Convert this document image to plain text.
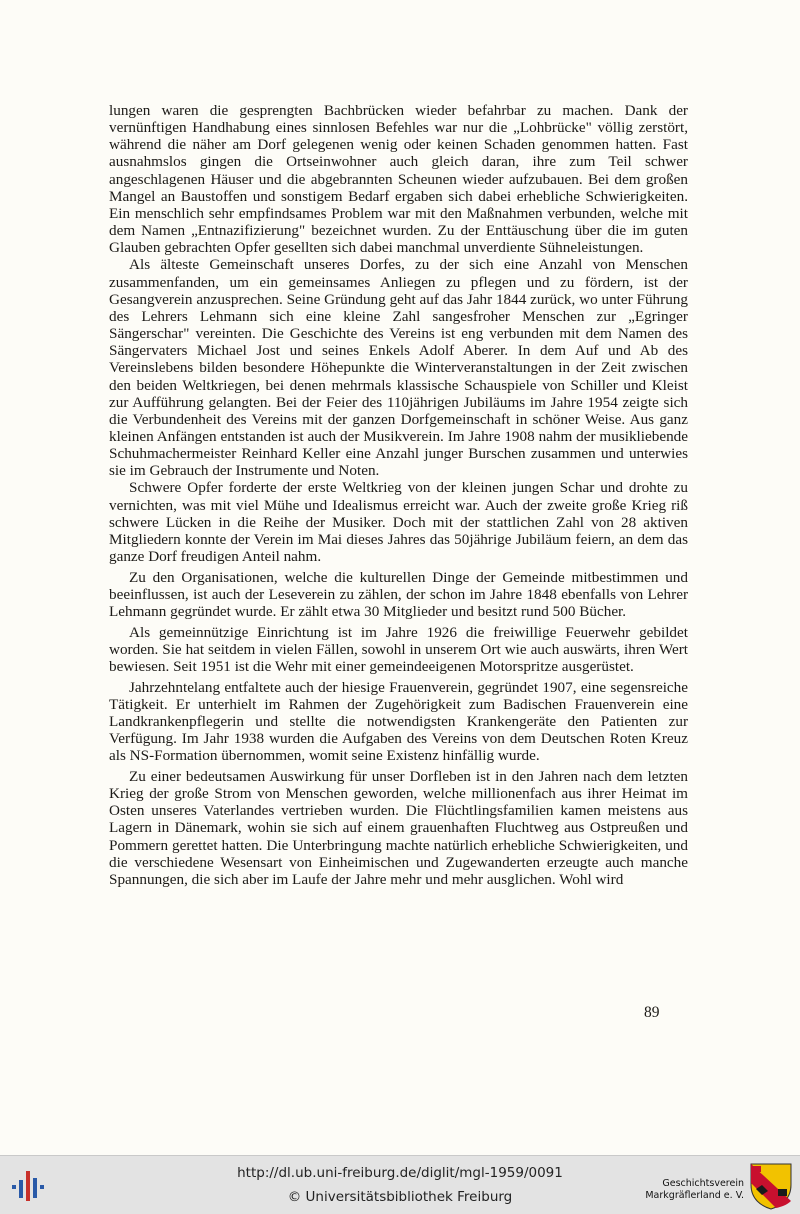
lungen waren die gesprengten Bachbrücken wieder befahrbar zu machen. Dank der vernünftigen Handhabung eines sinnlosen Befehles war nur die „Lohbrücke" völlig zerstört, während die näher am Dorf gelegenen wenig oder keinen Schaden genommen hatten. Fast ausnahmslos gingen die Ortseinwohner auch gleich daran, ihre zum Teil schwer angeschlagenen Häuser und die abgebrannten Scheunen wieder aufzubauen. Bei dem großen Mangel an Baustoffen und sonstigem Bedarf ergaben sich dabei erhebliche Schwierigkeiten. Ein menschlich sehr empfindsames Problem war mit den Maßnahmen verbunden, welche mit dem Namen „Entnazifizierung" bezeichnet wurden. Zu der Enttäuschung über die im guten Glauben gebrachten Opfer gesellten sich dabei manchmal unverdiente Sühneleistungen.

Als älteste Gemeinschaft unseres Dorfes, zu der sich eine Anzahl von Menschen zusammenfanden, um ein gemeinsames Anliegen zu pflegen und zu fördern, ist der Gesangverein anzusprechen. Seine Gründung geht auf das Jahr 1844 zurück, wo unter Führung des Lehrers Lehmann sich eine kleine Zahl sangesfroher Menschen zur „Egringer Sängerschar" vereinten. Die Geschichte des Vereins ist eng verbunden mit dem Namen des Sängervaters Michael Jost und seines Enkels Adolf Aberer. In dem Auf und Ab des Vereinslebens bilden besondere Höhepunkte die Winterveranstaltungen in der Zeit zwischen den beiden Weltkriegen, bei denen mehrmals klassische Schauspiele von Schiller und Kleist zur Aufführung gelangten. Bei der Feier des 110jährigen Jubiläums im Jahre 1954 zeigte sich die Verbundenheit des Vereins mit der ganzen Dorfgemeinschaft in schöner Weise. Aus ganz kleinen Anfängen entstanden ist auch der Musikverein. Im Jahre 1908 nahm der musikliebende Schuhmachermeister Reinhard Keller eine Anzahl junger Burschen zusammen und unterwies sie im Gebrauch der Instrumente und Noten.

Schwere Opfer forderte der erste Weltkrieg von der kleinen jungen Schar und drohte zu vernichten, was mit viel Mühe und Idealismus erreicht war. Auch der zweite große Krieg riß schwere Lücken in die Reihe der Musiker. Doch mit der stattlichen Zahl von 28 aktiven Mitgliedern konnte der Verein im Mai dieses Jahres das 50jährige Jubiläum feiern, an dem das ganze Dorf freudigen Anteil nahm.

Zu den Organisationen, welche die kulturellen Dinge der Gemeinde mitbestimmen und beeinflussen, ist auch der Leseverein zu zählen, der schon im Jahre 1848 ebenfalls von Lehrer Lehmann gegründet wurde. Er zählt etwa 30 Mitglieder und besitzt rund 500 Bücher.

Als gemeinnützige Einrichtung ist im Jahre 1926 die freiwillige Feuerwehr gebildet worden. Sie hat seitdem in vielen Fällen, sowohl in unserem Ort wie auch auswärts, ihren Wert bewiesen. Seit 1951 ist die Wehr mit einer gemeindeeigenen Motorspritze ausgerüstet.

Jahrzehntelang entfaltete auch der hiesige Frauenverein, gegründet 1907, eine segensreiche Tätigkeit. Er unterhielt im Rahmen der Zugehörigkeit zum Badischen Frauenverein eine Landkrankenpflegerin und stellte die notwendigsten Krankengeräte den Patienten zur Verfügung. Im Jahr 1938 wurden die Aufgaben des Vereins von dem Deutschen Roten Kreuz als NS-Formation übernommen, womit seine Existenz hinfällig wurde.

Zu einer bedeutsamen Auswirkung für unser Dorfleben ist in den Jahren nach dem letzten Krieg der große Strom von Menschen geworden, welche millionenfach aus ihrer Heimat im Osten unseres Vaterlandes vertrieben wurden. Die Flüchtlingsfamilien kamen meistens aus Lagern in Dänemark, wohin sie sich auf einem grauenhaften Fluchtweg aus Ostpreußen und Pommern gerettet hatten. Die Unterbringung machte natürlich erhebliche Schwierigkeiten, und die verschiedene Wesensart von Einheimischen und Zugewanderten erzeugte auch manche Spannungen, die sich aber im Laufe der Jahre mehr und mehr ausglichen. Wohl wird

89
http://dl.ub.uni-freiburg.de/diglit/mgl-1959/0091
© Universitätsbibliothek Freiburg
Geschichtsverein
Markgräflerland e. V.
